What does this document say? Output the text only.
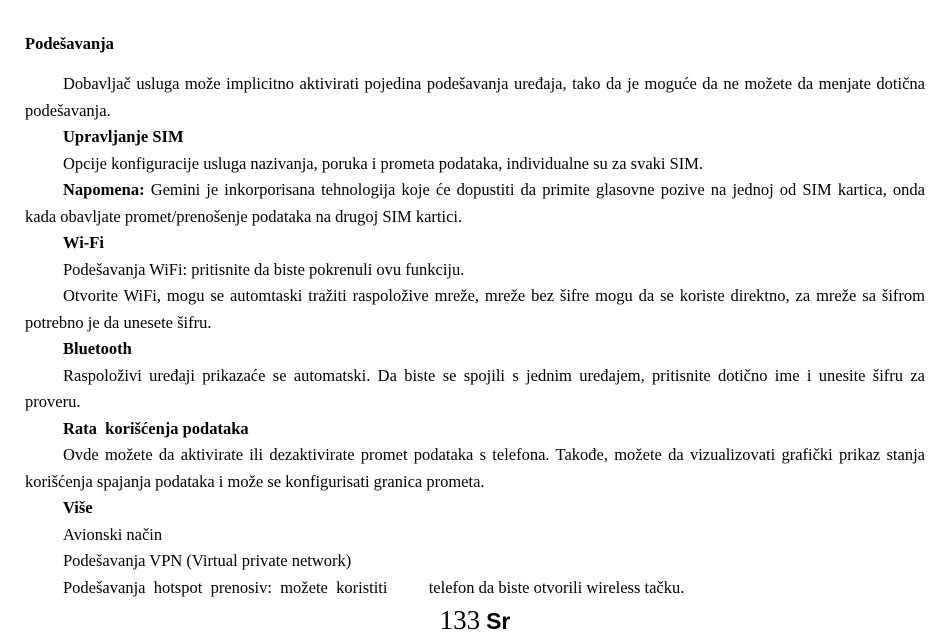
Podešavanja

Dobavljač usluga može implicitno aktivirati pojedina podešavanja uređaja, tako da je moguće da ne možete da menjate dotična podešavanja.

Upravljanje SIM

Opcije konfiguracije usluga nazivanja, poruka i prometa podataka, individualne su za svaki SIM.

Napomena: Gemini je inkorporisana tehnologija koje će dopustiti da primite glasovne pozive na jednoj od SIM kartica, onda kada obavljate promet/prenošenje podataka na drugoj SIM kartici.

Wi-Fi

Podešavanja WiFi: pritisnite da biste pokrenuli ovu funkciju.

Otvorite WiFi, mogu se automtaski tražiti raspoložive mreže, mreže bez šifre mogu da se koriste direktno, za mreže sa šifrom potrebno je da unesete šifru.

Bluetooth

Raspoloživi uređaji prikazaće se automatski. Da biste se spojili s jednim uređajem, pritisnite dotično ime i unesite šifru za proveru.

Rata  korišćenja podataka

Ovde možete da aktivirate ili dezaktivirate promet podataka s telefona. Takođe, možete da vizualizovati grafički prikaz stanja korišćenja spajanja podataka i može se konfigurisati granica prometa.

Više

Avionski način

Podešavanja VPN (Virtual private network)

Podešavanja  hotspot  prenosiv:  možete  koristiti          telefon da biste otvorili wireless tačku.

133 Sr
